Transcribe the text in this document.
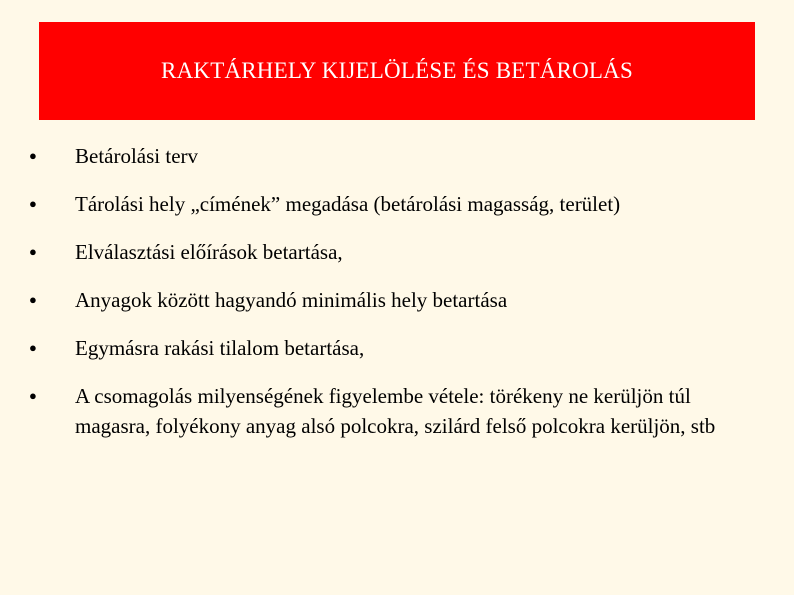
RAKTÁRHELY KIJELÖLÉSE ÉS BETÁROLÁS
●	Betárolási terv
●	Tárolási hely „címének” megadása (betárolási magasság, terület)
●	Elválasztási előírások betartása,
●	Anyagok között hagyandó minimális hely betartása
●	Egymásra rakási tilalom betartása,
●	A csomagolás milyenségének figyelembe vétele: törékeny ne kerüljön túl magasra, folyékony anyag alsó polcokra, szilárd felső polcokra kerüljön, stb
